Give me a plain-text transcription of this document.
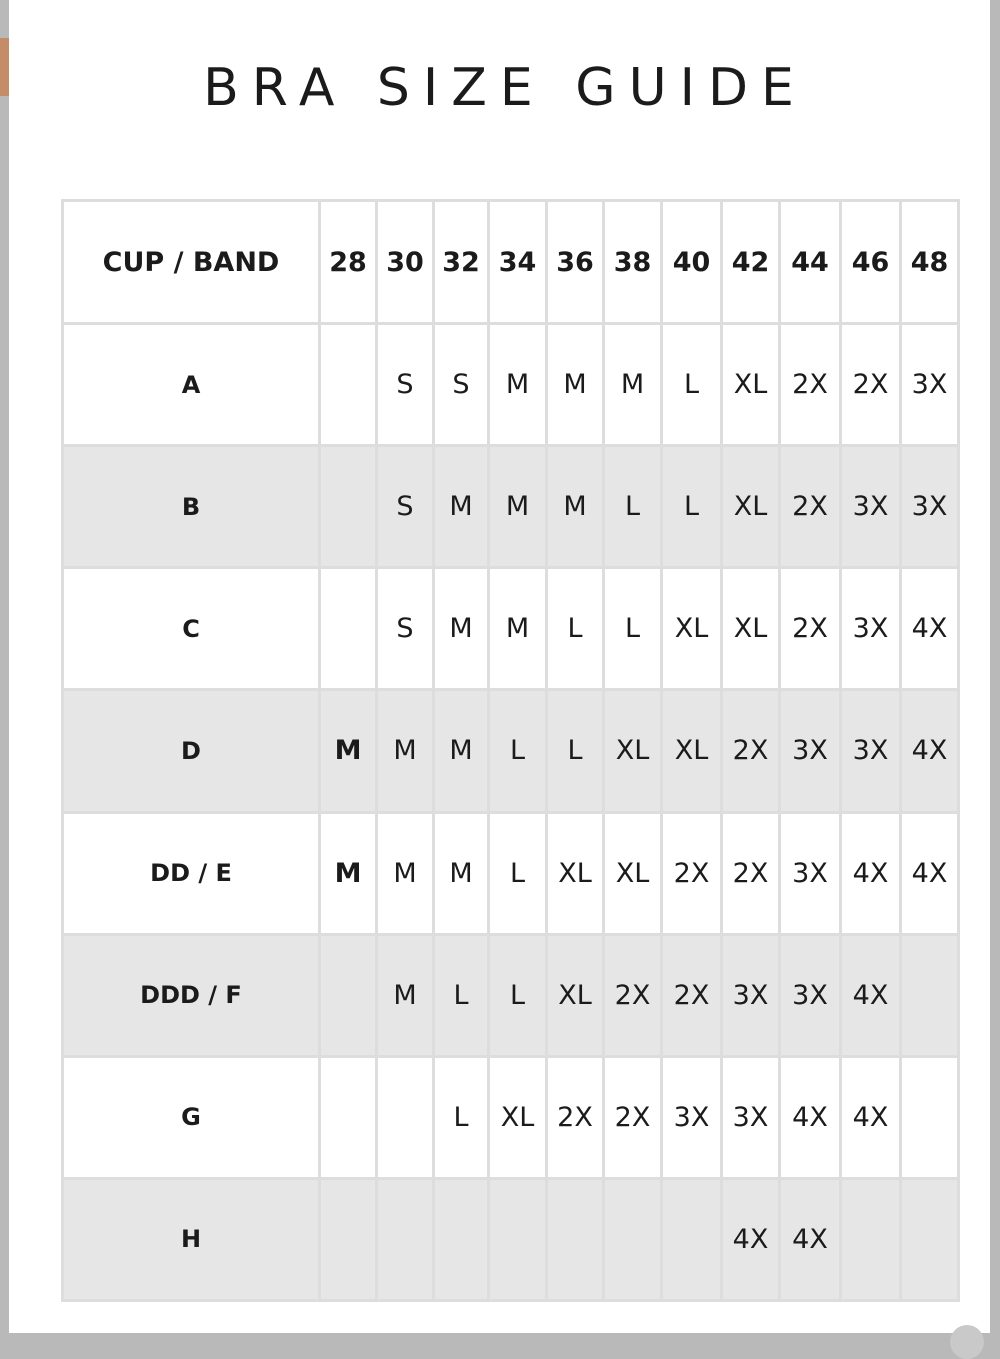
BRA SIZE GUIDE
CUP / BAND	28	30	32	34	36	38	40	42	44	46	48
A		S	S	M	M	M	L	XL	2X	2X	3X
B		S	M	M	M	L	L	XL	2X	3X	3X
C		S	M	M	L	L	XL	XL	2X	3X	4X
D	M	M	M	L	L	XL	XL	2X	3X	3X	4X
DD / E	M	M	M	L	XL	XL	2X	2X	3X	4X	4X
DDD / F		M	L	L	XL	2X	2X	3X	3X	4X	
G			L	XL	2X	2X	3X	3X	4X	4X	
H								4X	4X		
